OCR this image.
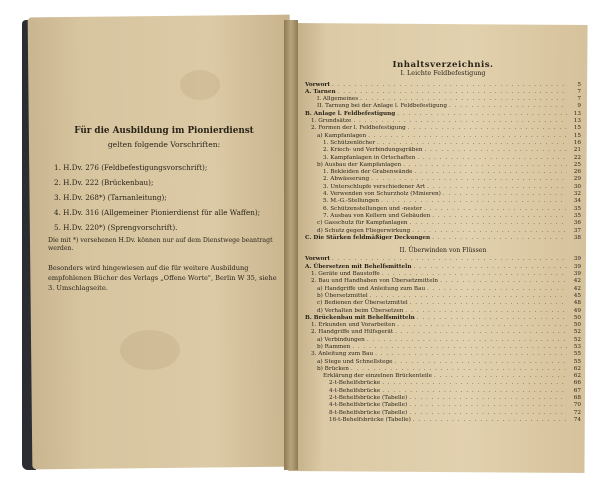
Für die Ausbildung im Pionierdienst
gelten folgende Vorschriften:
1. H.Dv. 276 (Feldbefestigungsvorschrift);
2. H.Dv. 222 (Brückenbau);
3. H.Dv. 268*) (Tarnanleitung);
4. H.Dv. 316 (Allgemeiner Pionierdienst für alle Waffen);
5. H.Dv. 220*) (Sprengvorschrift).
Die mit *) versehenen H.Dv. können nur auf dem Dienstwege beantragt werden.
Besonders wird hingewiesen auf die für weitere Ausbildung empfohlenen Bücher des Verlags „Offene Worte", Berlin W 35, siehe 3. Umschlagseite.
Inhaltsverzeichnis.
I. Leichte Feldbefestigung
Vorwort . . .	5
A. Tarnen . . .	7
I. Allgemeines . . .	7
II. Tarnung bei der Anlage l. Feldbefestigung . . .	9
B. Anlage l. Feldbefestigung . . .	13
1. Grundsätze . . .	13
2. Formen der l. Feldbefestigung . . .	15
a) Kampfanlagen . . .	15
1. Schützenlöcher . . .	16
2. Kriech- und Verbindungsgräben . . .	21
3. Kampfanlagen in Ortschaften . . .	22
b) Ausbau der Kampfanlagen . . .	25
1. Bekleiden der Grabenwände . . .	26
2. Abwässerung . . .	29
3. Unterschlupfe verschiedener Art . . .	30
4. Verwenden von Schurzholz (Minieren) . . .	32
5. M.-G.-Stellungen . . .	34
6. Schützenstellungen und -nester . . .	35
7. Ausbau von Kellern und Gebäuden . . .	35
c) Gasschutz für Kampfanlagen . . .	36
d) Schutz gegen Fliegerwirkung . . .	37
C. Die Stärken feldmäßiger Deckungen . . .	38
II. Überwinden von Flüssen
Vorwort . . .	39
A. Übersetzen mit Behelfsmitteln . . .	39
1. Geräte und Baustoffe . . .	39
2. Bau und Handhaben von Übersetzmitteln . . .	42
a) Handgriffe und Anleitung zum Bau . . .	42
b) Übersetzmittel . . .	45
c) Bedienen der Übersetzmittel . . .	48
d) Verhalten beim Übersetzen . . .	49
B. Brückenbau mit Behelfsmitteln . . .	50
1. Erkunden und Vorarbeiten . . .	50
2. Handgriffe und Hilfsgerät . . .	52
a) Verbindungen . . .	52
b) Rammen . . .	53
3. Anleitung zum Bau . . .	55
a) Stege und Schnellstege . . .	55
b) Brücken . . .	62
Erklärung der einzelnen Brückenteile . . .	62
2-t-Behelfsbrücke . . .	66
4-t-Behelfsbrücke . . .	67
2-t-Behelfsbrücke (Tabelle) . . .	68
4-t-Behelfsbrücke (Tabelle) . . .	70
8-t-Behelfsbrücke (Tabelle) . . .	72
16-t-Behelfsbrücke (Tabelle) . . .	74
